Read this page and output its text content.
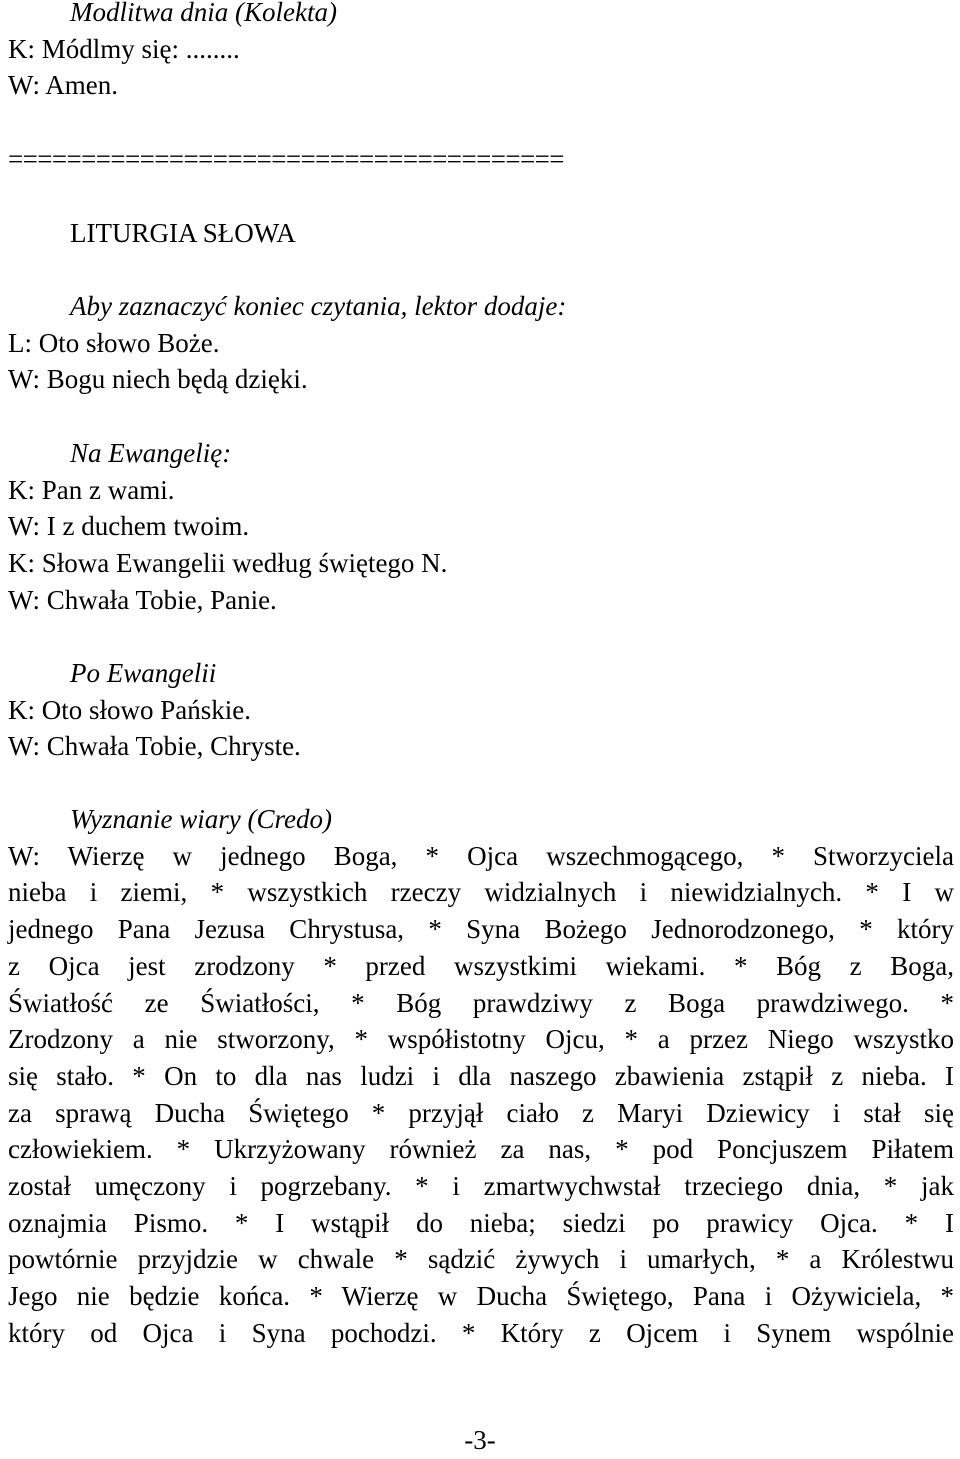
Modlitwa dnia (Kolekta)
K: Módlmy się: ........
W: Amen.
======================================
LITURGIA SŁOWA
Aby zaznaczyć koniec czytania, lektor dodaje:
L: Oto słowo Boże.
W: Bogu niech będą dzięki.
Na Ewangelię:
K: Pan z wami.
W: I z duchem twoim.
K: Słowa Ewangelii według świętego N.
W: Chwała Tobie, Panie.
Po Ewangelii
K: Oto słowo Pańskie.
W: Chwała Tobie, Chryste.
Wyznanie wiary (Credo)
W: Wierzę w jednego Boga, * Ojca wszechmogącego, * Stworzyciela
nieba i ziemi, * wszystkich rzeczy widzialnych i niewidzialnych. * I w
jednego Pana Jezusa Chrystusa, * Syna Bożego Jednorodzonego, * który
z Ojca jest zrodzony * przed wszystkimi wiekami. * Bóg z Boga,
Światłość ze Światłości, * Bóg prawdziwy z Boga prawdziwego. *
Zrodzony a nie stworzony, * współistotny Ojcu, * a przez Niego wszystko
się stało. * On to dla nas ludzi i dla naszego zbawienia zstąpił z nieba. I
za sprawą Ducha Świętego * przyjął ciało z Maryi Dziewicy i stał się
człowiekiem. * Ukrzyżowany również za nas, * pod Poncjuszem Piłatem
został umęczony i pogrzebany. * i zmartwychwstał trzeciego dnia, * jak
oznajmia Pismo. * I wstąpił do nieba; siedzi po prawicy Ojca. * I
powtórnie przyjdzie w chwale * sądzić żywych i umarłych, * a Królestwu
Jego nie będzie końca. * Wierzę w Ducha Świętego, Pana i Ożywiciela, *
który od Ojca i Syna pochodzi. * Który z Ojcem i Synem wspólnie
-3-
